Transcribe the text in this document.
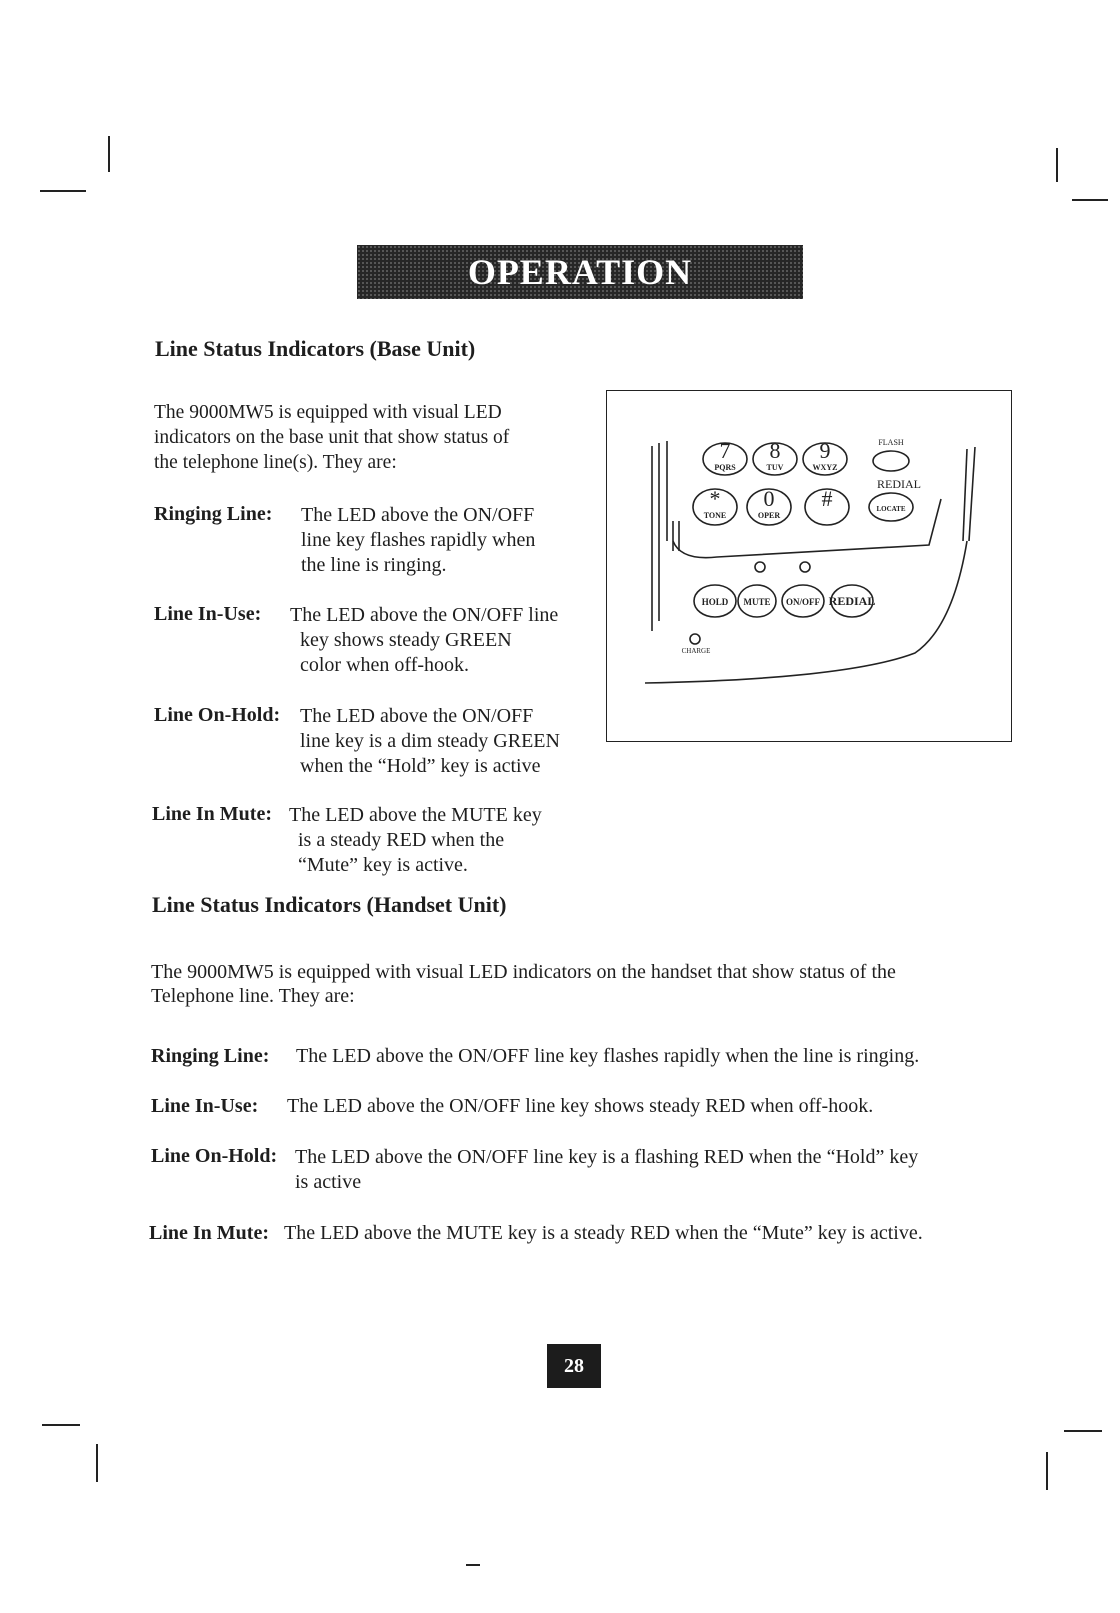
OPERATION
Line Status Indicators (Base Unit)
The 9000MW5 is equipped with visual LED
indicators on the base unit that show status of
the telephone line(s). They are:
Ringing Line: The LED above the ON/OFF
line key flashes rapidly when
the line is ringing.
Line In-Use: The LED above the ON/OFF line
key shows steady GREEN
color when off-hook.
Line On-Hold: The LED above the ON/OFF
line key is a dim steady GREEN
when the “Hold” key is active
Line In Mute: The LED above the MUTE key
is a steady RED when the
“Mute” key is active.
7
PQRS
8
TUV
9
WXYZ
*
TONE
0
OPER
#
FLASH
REDIAL
LOCATE
HOLD MUTE ON/OFF REDIAL
CHARGE
Line Status Indicators (Handset Unit)
The 9000MW5 is equipped with visual LED indicators on the handset that show status of the
Telephone line. They are:
Ringing Line: The LED above the ON/OFF line key flashes rapidly when the line is ringing.
Line In-Use: The LED above the ON/OFF line key shows steady RED when off-hook.
Line On-Hold: The LED above the ON/OFF line key is a flashing RED when the “Hold” key
is active
Line In Mute: The LED above the MUTE key is a steady RED when the “Mute” key is active.
28
